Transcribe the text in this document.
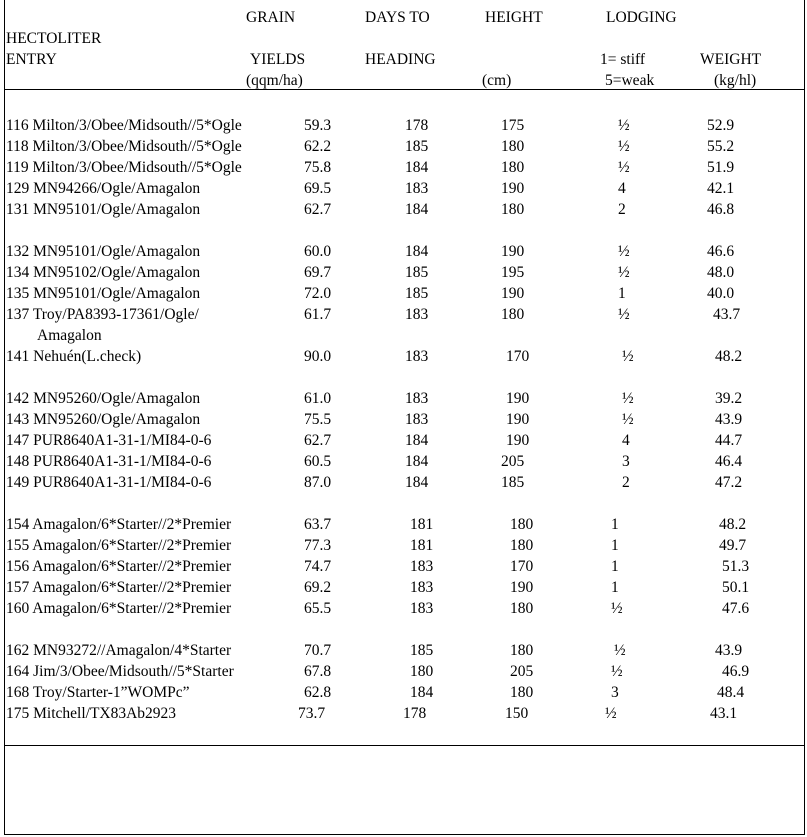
GRAIN	DAYS TO	HEIGHT	LODGING
HECTOLITER
ENTRY	YIELDS	HEADING	1= stiff	WEIGHT
(qqm/ha)	(cm)	5=weak	(kg/hl)
116 Milton/3/Obee/Midsouth//5*Ogle	59.3	178	175	½	52.9
118 Milton/3/Obee/Midsouth//5*Ogle	62.2	185	180	½	55.2
119 Milton/3/Obee/Midsouth//5*Ogle	75.8	184	180	½	51.9
129 MN94266/Ogle/Amagalon	69.5	183	190	4	42.1
131 MN95101/Ogle/Amagalon	62.7	184	180	2	46.8
132 MN95101/Ogle/Amagalon	60.0	184	190	½	46.6
134 MN95102/Ogle/Amagalon	69.7	185	195	½	48.0
135 MN95101/Ogle/Amagalon	72.0	185	190	1	40.0
137 Troy/PA8393-17361/Ogle/
Amagalon
61.7	183	180	½	43.7
141 Nehuén(L.check)	90.0	183	170	½	48.2
142 MN95260/Ogle/Amagalon	61.0	183	190	½	39.2
143 MN95260/Ogle/Amagalon	75.5	183	190	½	43.9
147 PUR8640A1-31-1/MI84-0-6	62.7	184	190	4	44.7
148 PUR8640A1-31-1/MI84-0-6	60.5	184	205	3	46.4
149 PUR8640A1-31-1/MI84-0-6	87.0	184	185	2	47.2
154 Amagalon/6*Starter//2*Premier	63.7	181	180	1	48.2
155 Amagalon/6*Starter//2*Premier	77.3	181	180	1	49.7
156 Amagalon/6*Starter//2*Premier	74.7	183	170	1	51.3
157 Amagalon/6*Starter//2*Premier	69.2	183	190	1	50.1
160 Amagalon/6*Starter//2*Premier	65.5	183	180	½	47.6
162 MN93272//Amagalon/4*Starter	70.7	185	180	½	43.9
164 Jim/3/Obee/Midsouth//5*Starter	67.8	180	205	½	46.9
168 Troy/Starter-1”WOMPc”	62.8	184	180	3	48.4
175 Mitchell/TX83Ab2923	73.7	178	150	½	43.1
